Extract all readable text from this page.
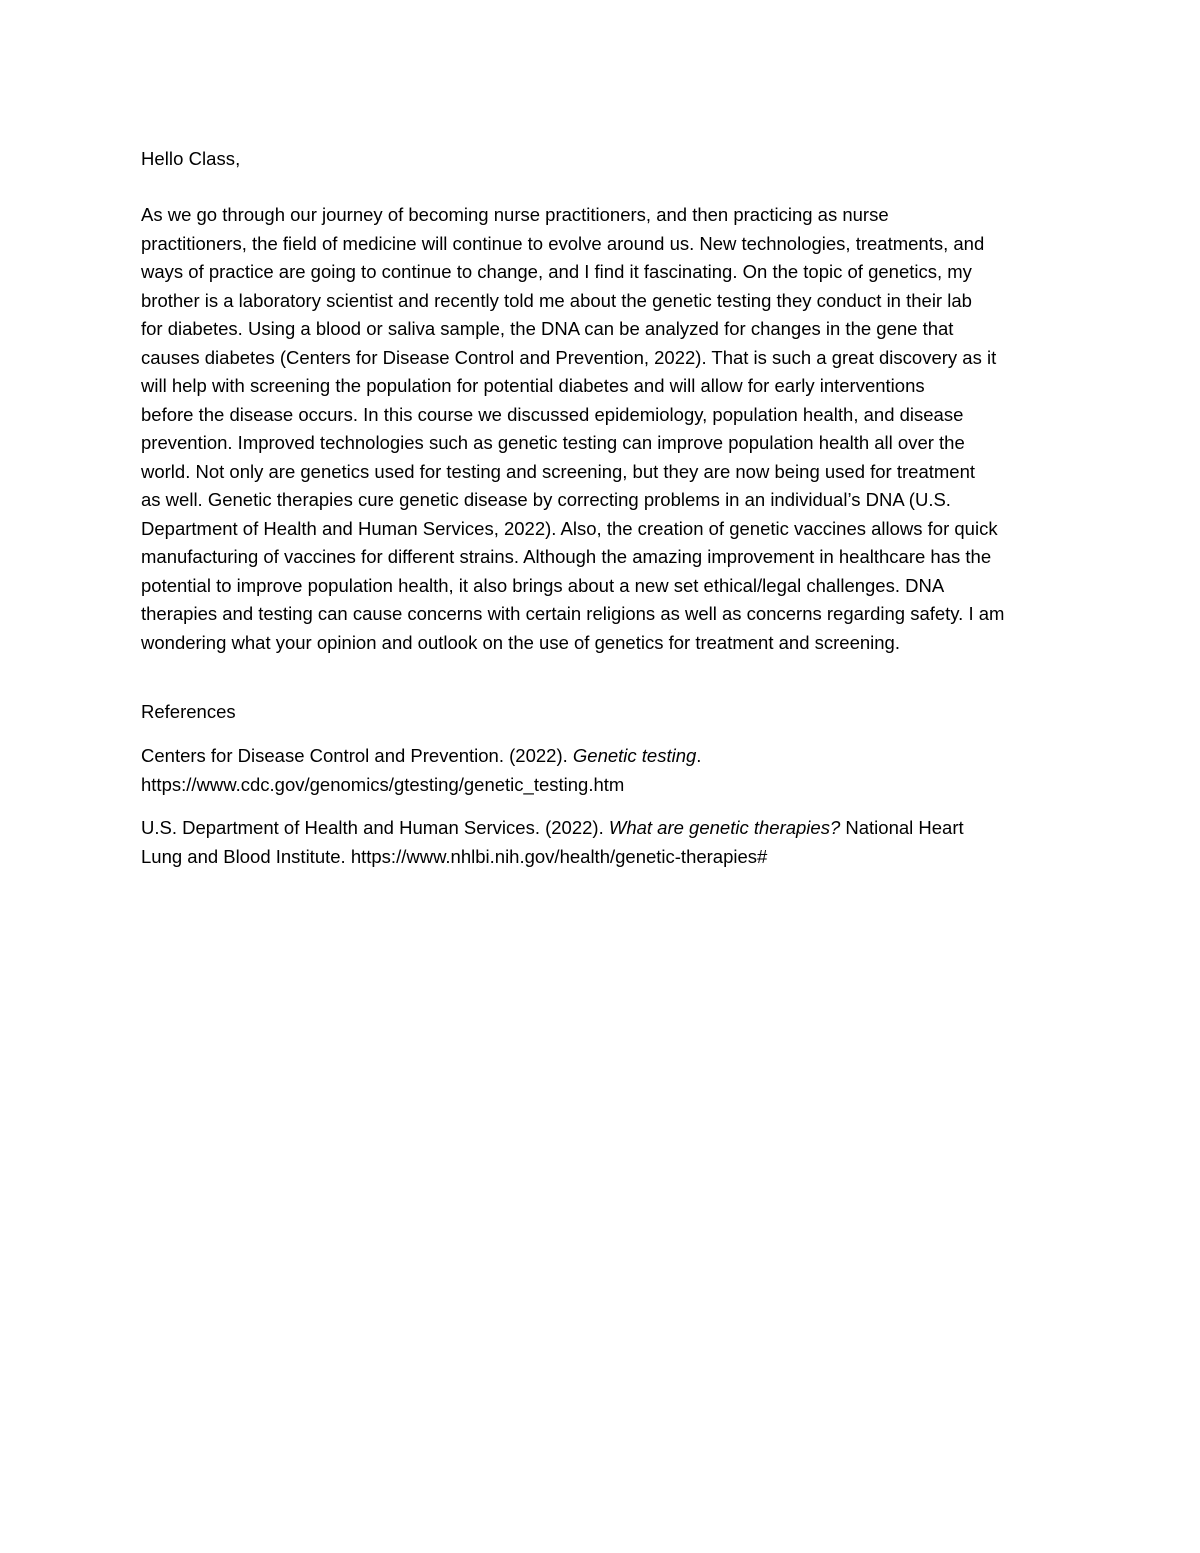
Hello Class,
As we go through our journey of becoming nurse practitioners, and then practicing as nurse
practitioners, the field of medicine will continue to evolve around us. New technologies, treatments, and
ways of practice are going to continue to change, and I find it fascinating. On the topic of genetics, my
brother is a laboratory scientist and recently told me about the genetic testing they conduct in their lab
for diabetes. Using a blood or saliva sample, the DNA can be analyzed for changes in the gene that
causes diabetes (Centers for Disease Control and Prevention, 2022). That is such a great discovery as it
will help with screening the population for potential diabetes and will allow for early interventions
before the disease occurs. In this course we discussed epidemiology, population health, and disease
prevention. Improved technologies such as genetic testing can improve population health all over the
world. Not only are genetics used for testing and screening, but they are now being used for treatment
as well. Genetic therapies cure genetic disease by correcting problems in an individual’s DNA (U.S.
Department of Health and Human Services, 2022). Also, the creation of genetic vaccines allows for quick
manufacturing of vaccines for different strains. Although the amazing improvement in healthcare has the
potential to improve population health, it also brings about a new set ethical/legal challenges. DNA
therapies and testing can cause concerns with certain religions as well as concerns regarding safety. I am
wondering what your opinion and outlook on the use of genetics for treatment and screening.
References
Centers for Disease Control and Prevention. (2022). Genetic testing.
https://www.cdc.gov/genomics/gtesting/genetic_testing.htm
U.S. Department of Health and Human Services. (2022). What are genetic therapies? National Heart
Lung and Blood Institute. https://www.nhlbi.nih.gov/health/genetic-therapies#
